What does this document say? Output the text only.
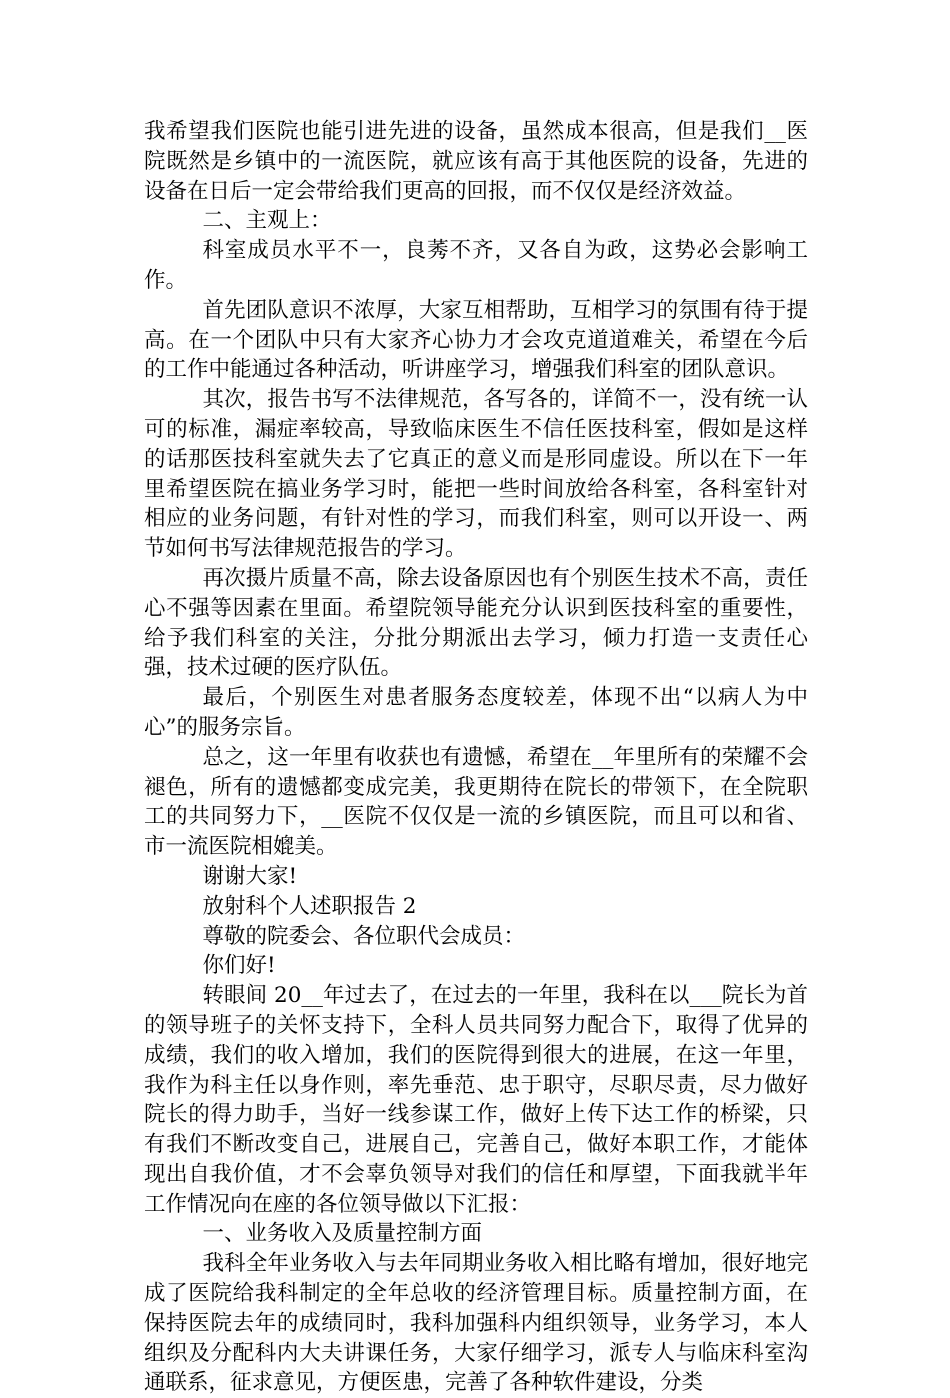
我希望我们医院也能引进先进的设备，虽然成本很高，但是我们__医院既然是乡镇中的一流医院，就应该有高于其他医院的设备，先进的设备在日后一定会带给我们更高的回报，而不仅仅是经济效益。

二、主观上：

科室成员水平不一，良莠不齐，又各自为政，这势必会影响工作。

首先团队意识不浓厚，大家互相帮助，互相学习的氛围有待于提高。在一个团队中只有大家齐心协力才会攻克道道难关，希望在今后的工作中能通过各种活动，听讲座学习，增强我们科室的团队意识。

其次，报告书写不法律规范，各写各的，详简不一，没有统一认可的标准，漏症率较高，导致临床医生不信任医技科室，假如是这样的话那医技科室就失去了它真正的意义而是形同虚设。所以在下一年里希望医院在搞业务学习时，能把一些时间放给各科室，各科室针对相应的业务问题，有针对性的学习，而我们科室，则可以开设一、两节如何书写法律规范报告的学习。

再次摄片质量不高，除去设备原因也有个别医生技术不高，责任心不强等因素在里面。希望院领导能充分认识到医技科室的重要性，给予我们科室的关注，分批分期派出去学习，倾力打造一支责任心强，技术过硬的医疗队伍。

最后，个别医生对患者服务态度较差，体现不出“以病人为中心”的服务宗旨。

总之，这一年里有收获也有遗憾，希望在__年里所有的荣耀不会褪色，所有的遗憾都变成完美，我更期待在院长的带领下，在全院职工的共同努力下，__医院不仅仅是一流的乡镇医院，而且可以和省、市一流医院相媲美。

谢谢大家!

放射科个人述职报告 2

尊敬的院委会、各位职代会成员：

你们好!

转眼间 20__年过去了，在过去的一年里，我科在以___院长为首的领导班子的关怀支持下，全科人员共同努力配合下，取得了优异的成绩，我们的收入增加，我们的医院得到很大的进展，在这一年里，我作为科主任以身作则，率先垂范、忠于职守，尽职尽责，尽力做好院长的得力助手，当好一线参谋工作，做好上传下达工作的桥梁，只有我们不断改变自己，进展自己，完善自己，做好本职工作，才能体现出自我价值，才不会辜负领导对我们的信任和厚望，下面我就半年工作情况向在座的各位领导做以下汇报：

一、业务收入及质量控制方面

我科全年业务收入与去年同期业务收入相比略有增加，很好地完成了医院给我科制定的全年总收的经济管理目标。质量控制方面，在保持医院去年的成绩同时，我科加强科内组织领导，业务学习，本人组织及分配科内大夫讲课任务，大家仔细学习，派专人与临床科室沟通联系，征求意见，方便医患，完善了各种软件建设，分类
